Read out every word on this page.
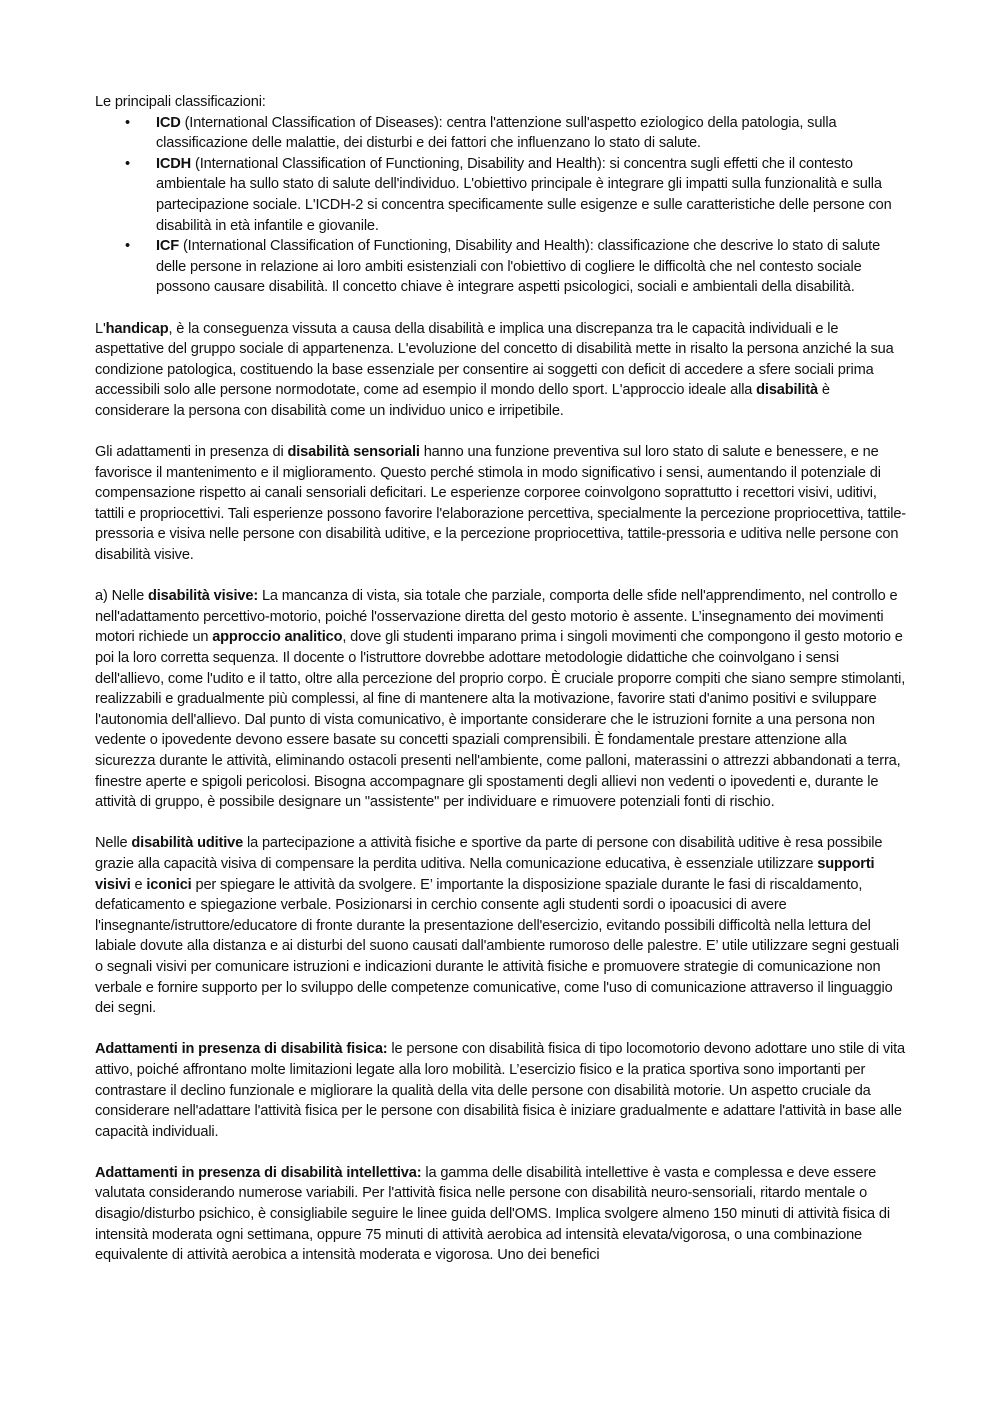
Le principali classificazioni:

• ICD (International Classification of Diseases): centra l'attenzione sull'aspetto eziologico della patologia, sulla classificazione delle malattie, dei disturbi e dei fattori che influenzano lo stato di salute.
• ICDH (International Classification of Functioning, Disability and Health): si concentra sugli effetti che il contesto ambientale ha sullo stato di salute dell'individuo. L'obiettivo principale è integrare gli impatti sulla funzionalità e sulla partecipazione sociale. L'ICDH-2 si concentra specificamente sulle esigenze e sulle caratteristiche delle persone con disabilità in età infantile e giovanile.
• ICF (International Classification of Functioning, Disability and Health): classificazione che descrive lo stato di salute delle persone in relazione ai loro ambiti esistenziali con l'obiettivo di cogliere le difficoltà che nel contesto sociale possono causare disabilità. Il concetto chiave è integrare aspetti psicologici, sociali e ambientali della disabilità.

L'handicap, è la conseguenza vissuta a causa della disabilità e implica una discrepanza tra le capacità individuali e le aspettative del gruppo sociale di appartenenza. L'evoluzione del concetto di disabilità mette in risalto la persona anziché la sua condizione patologica, costituendo la base essenziale per consentire ai soggetti con deficit di accedere a sfere sociali prima accessibili solo alle persone normodotate, come ad esempio il mondo dello sport. L'approccio ideale alla disabilità è considerare la persona con disabilità come un individuo unico e irripetibile.

Gli adattamenti in presenza di disabilità sensoriali hanno una funzione preventiva sul loro stato di salute e benessere, e ne favorisce il mantenimento e il miglioramento. Questo perché stimola in modo significativo i sensi, aumentando il potenziale di compensazione rispetto ai canali sensoriali deficitari. Le esperienze corporee coinvolgono soprattutto i recettori visivi, uditivi, tattili e propriocettivi. Tali esperienze possono favorire l'elaborazione percettiva, specialmente la percezione propriocettiva, tattile-pressoria e visiva nelle persone con disabilità uditive, e la percezione propriocettiva, tattile-pressoria e uditiva nelle persone con disabilità visive.

a) Nelle disabilità visive: La mancanza di vista, sia totale che parziale, comporta delle sfide nell'apprendimento, nel controllo e nell'adattamento percettivo-motorio, poiché l'osservazione diretta del gesto motorio è assente. L’insegnamento dei movimenti motori richiede un approccio analitico, dove gli studenti imparano prima i singoli movimenti che compongono il gesto motorio e poi la loro corretta sequenza. Il docente o l'istruttore dovrebbe adottare metodologie didattiche che coinvolgano i sensi dell'allievo, come l'udito e il tatto, oltre alla percezione del proprio corpo. È cruciale proporre compiti che siano sempre stimolanti, realizzabili e gradualmente più complessi, al fine di mantenere alta la motivazione, favorire stati d'animo positivi e sviluppare l'autonomia dell'allievo. Dal punto di vista comunicativo, è importante considerare che le istruzioni fornite a una persona non vedente o ipovedente devono essere basate su concetti spaziali comprensibili. È fondamentale prestare attenzione alla sicurezza durante le attività, eliminando ostacoli presenti nell'ambiente, come palloni, materassini o attrezzi abbandonati a terra, finestre aperte e spigoli pericolosi. Bisogna accompagnare gli spostamenti degli allievi non vedenti o ipovedenti e, durante le attività di gruppo, è possibile designare un "assistente" per individuare e rimuovere potenziali fonti di rischio.

Nelle disabilità uditive la partecipazione a attività fisiche e sportive da parte di persone con disabilità uditive è resa possibile grazie alla capacità visiva di compensare la perdita uditiva. Nella comunicazione educativa, è essenziale utilizzare supporti visivi e iconici per spiegare le attività da svolgere. E’ importante la disposizione spaziale durante le fasi di riscaldamento, defaticamento e spiegazione verbale. Posizionarsi in cerchio consente agli studenti sordi o ipoacusici di avere l'insegnante/istruttore/educatore di fronte durante la presentazione dell'esercizio, evitando possibili difficoltà nella lettura del labiale dovute alla distanza e ai disturbi del suono causati dall'ambiente rumoroso delle palestre. E’ utile utilizzare segni gestuali o segnali visivi per comunicare istruzioni e indicazioni durante le attività fisiche e promuovere strategie di comunicazione non verbale e fornire supporto per lo sviluppo delle competenze comunicative, come l'uso di comunicazione attraverso il linguaggio dei segni.

Adattamenti in presenza di disabilità fisica: le persone con disabilità fisica di tipo locomotorio devono adottare uno stile di vita attivo, poiché affrontano molte limitazioni legate alla loro mobilità. L’esercizio fisico e la pratica sportiva sono importanti per contrastare il declino funzionale e migliorare la qualità della vita delle persone con disabilità motorie. Un aspetto cruciale da considerare nell'adattare l'attività fisica per le persone con disabilità fisica è iniziare gradualmente e adattare l'attività in base alle capacità individuali.

Adattamenti in presenza di disabilità intellettiva: la gamma delle disabilità intellettive è vasta e complessa e deve essere valutata considerando numerose variabili. Per l'attività fisica nelle persone con disabilità neuro-sensoriali, ritardo mentale o disagio/disturbo psichico, è consigliabile seguire le linee guida dell'OMS. Implica svolgere almeno 150 minuti di attività fisica di intensità moderata ogni settimana, oppure 75 minuti di attività aerobica ad intensità elevata/vigorosa, o una combinazione equivalente di attività aerobica a intensità moderata e vigorosa. Uno dei benefici
